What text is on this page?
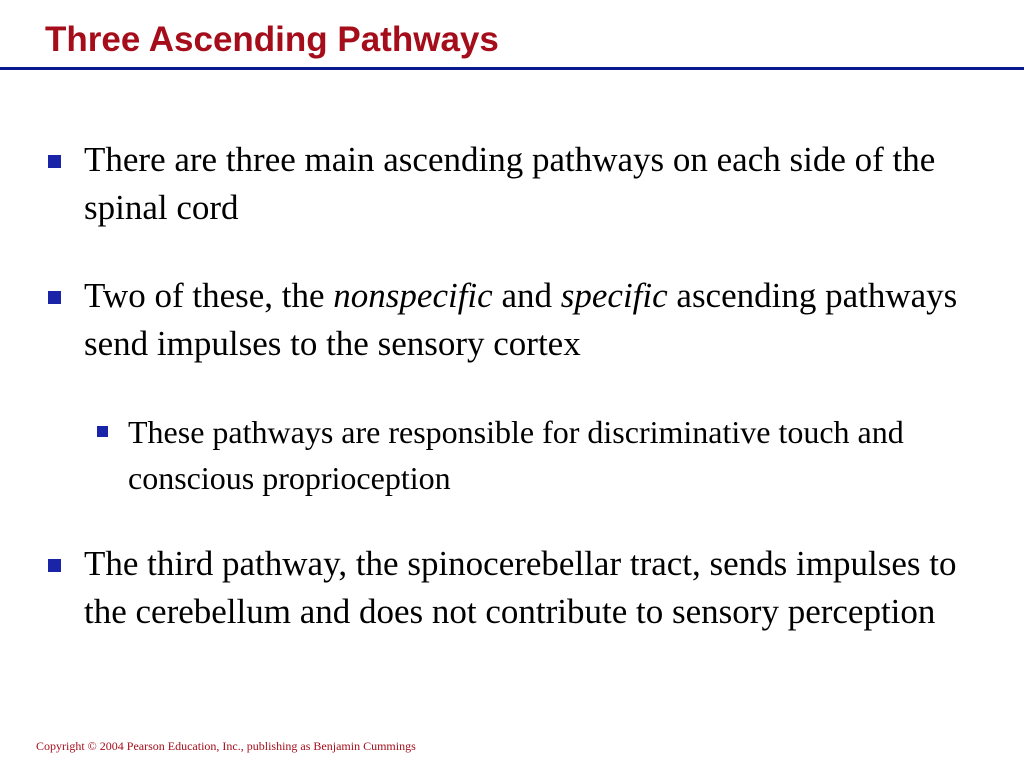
Three Ascending Pathways
There are three main ascending pathways on each side of the spinal cord
Two of these, the nonspecific and specific ascending pathways send impulses to the sensory cortex
These pathways are responsible for discriminative touch and conscious proprioception
The third pathway, the spinocerebellar tract, sends impulses to the cerebellum and does not contribute to sensory perception
Copyright © 2004 Pearson Education, Inc., publishing as Benjamin Cummings
